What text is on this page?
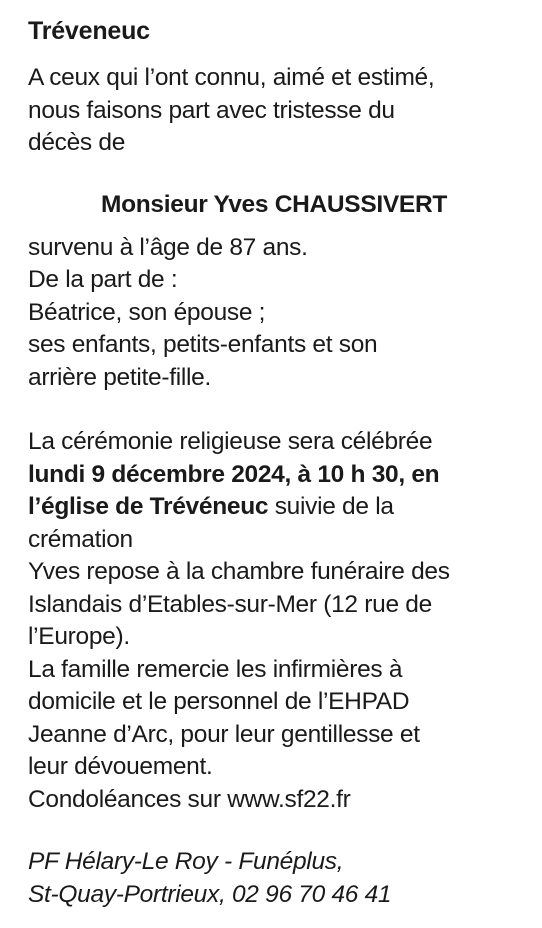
Tréveneuc

A ceux qui l’ont connu, aimé et estimé,
nous faisons part avec tristesse du
décès de

Monsieur Yves CHAUSSIVERT

survenu à l’âge de 87 ans.
De la part de :
Béatrice, son épouse ;
ses enfants, petits-enfants et son
arrière petite-fille.

La cérémonie religieuse sera célébrée
lundi 9 décembre 2024, à 10 h 30, en
l’église de Trévéneuc suivie de la
crémation
Yves repose à la chambre funéraire des
Islandais d’Etables-sur-Mer (12 rue de
l’Europe).
La famille remercie les infirmières à
domicile et le personnel de l’EHPAD
Jeanne d’Arc, pour leur gentillesse et
leur dévouement.
Condoléances sur www.sf22.fr

PF Hélary-Le Roy - Funéplus,
St-Quay-Portrieux, 02 96 70 46 41
